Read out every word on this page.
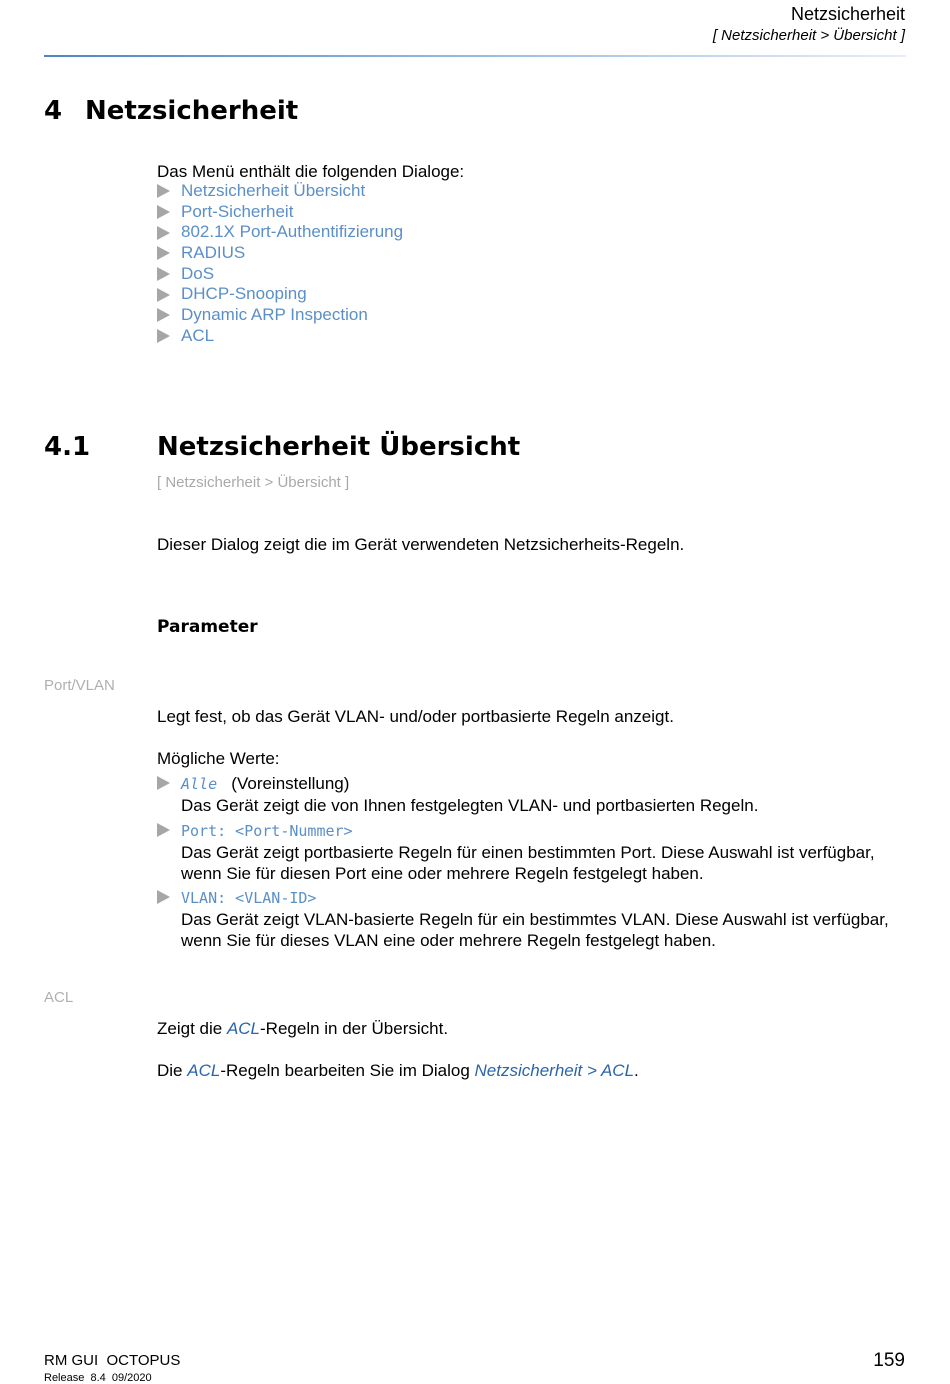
Netzsicherheit
[ Netzsicherheit > Übersicht ]
4 Netzsicherheit
Das Menü enthält die folgenden Dialoge:
Netzsicherheit Übersicht
Port-Sicherheit
802.1X Port-Authentifizierung
RADIUS
DoS
DHCP-Snooping
Dynamic ARP Inspection
ACL
4.1	Netzsicherheit Übersicht
[ Netzsicherheit > Übersicht ]
Dieser Dialog zeigt die im Gerät verwendeten Netzsicherheits-Regeln.
Parameter
Port/VLAN
Legt fest, ob das Gerät VLAN- und/oder portbasierte Regeln anzeigt.
Mögliche Werte:
Alle (Voreinstellung)
Das Gerät zeigt die von Ihnen festgelegten VLAN- und portbasierten Regeln.
Port: <Port-Nummer>
Das Gerät zeigt portbasierte Regeln für einen bestimmten Port. Diese Auswahl ist verfügbar, wenn Sie für diesen Port eine oder mehrere Regeln festgelegt haben.
VLAN: <VLAN-ID>
Das Gerät zeigt VLAN-basierte Regeln für ein bestimmtes VLAN. Diese Auswahl ist verfügbar, wenn Sie für dieses VLAN eine oder mehrere Regeln festgelegt haben.
ACL
Zeigt die ACL-Regeln in der Übersicht.
Die ACL-Regeln bearbeiten Sie im Dialog Netzsicherheit > ACL.
RM GUI  OCTOPUS
Release  8.4  09/2020
159
